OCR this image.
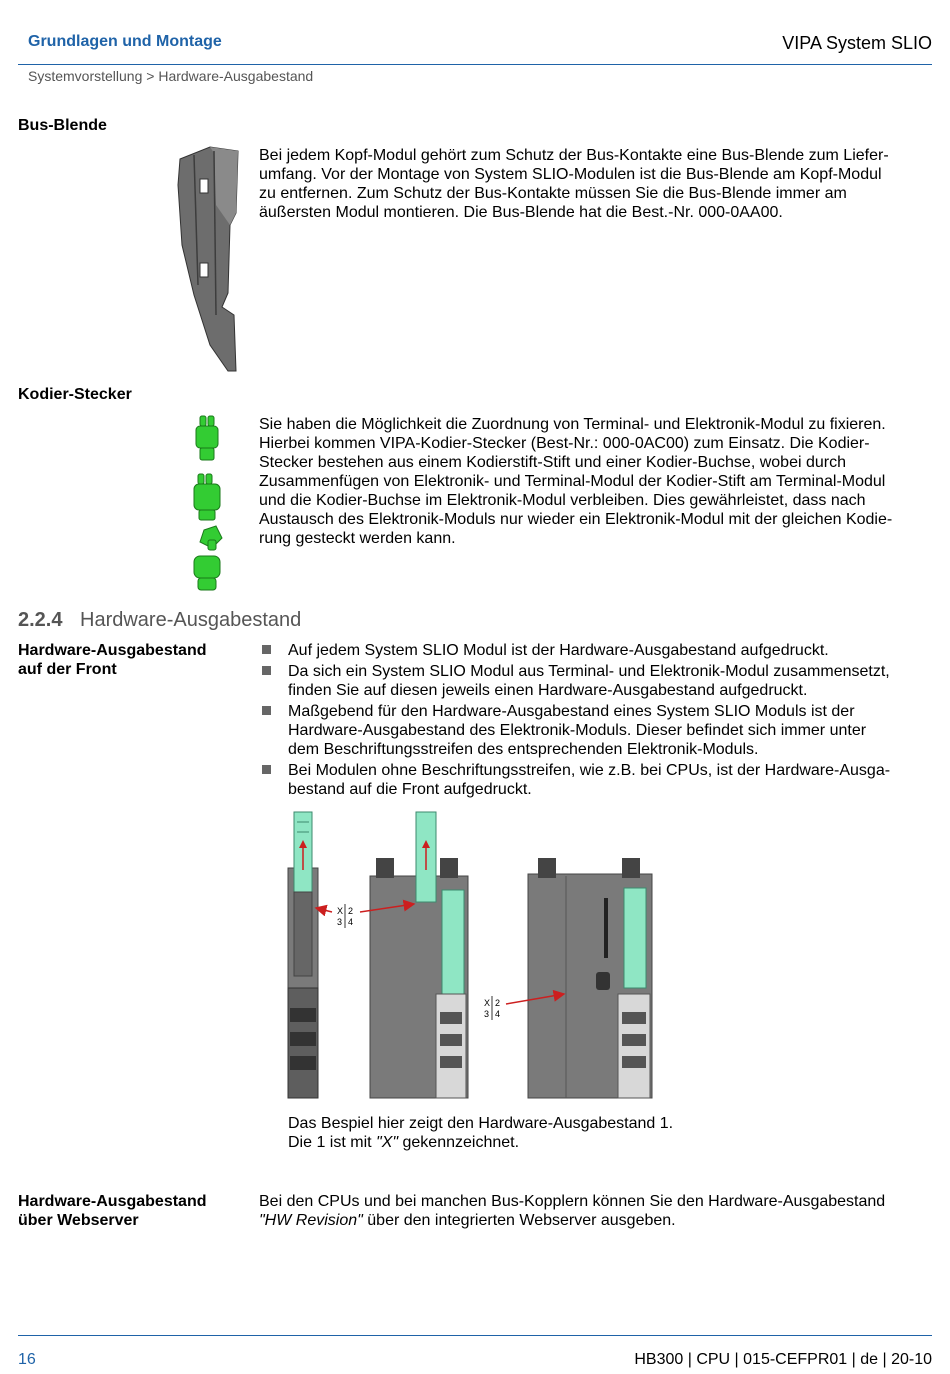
Grundlagen und Montage	VIPA System SLIO
Systemvorstellung > Hardware-Ausgabestand
Bus-Blende

Bei jedem Kopf-Modul gehört zum Schutz der Bus-Kontakte eine Bus-Blende zum Liefer-

umfang. Vor der Montage von System SLIO-Modulen ist die Bus-Blende am Kopf-Modul

zu entfernen. Zum Schutz der Bus-Kontakte müssen Sie die Bus-Blende immer am

äußersten Modul montieren. Die Bus-Blende hat die Best.-Nr. 000-0AA00.

Kodier-Stecker

Sie haben die Möglichkeit die Zuordnung von Terminal- und Elektronik-Modul zu fixieren.

Hierbei kommen VIPA-Kodier-Stecker (Best-Nr.: 000-0AC00) zum Einsatz. Die Kodier-

Stecker bestehen aus einem Kodierstift-Stift und einer Kodier-Buchse, wobei durch

Zusammenfügen von Elektronik- und Terminal-Modul der Kodier-Stift am Terminal-Modul

und die Kodier-Buchse im Elektronik-Modul verbleiben. Dies gewährleistet, dass nach

Austausch des Elektronik-Moduls nur wieder ein Elektronik-Modul mit der gleichen Kodie-

rung gesteckt werden kann.

2.2.4 Hardware-Ausgabestand
Hardware-Ausgabestand
auf der Front
Auf jedem System SLIO Modul ist der Hardware-Ausgabestand aufgedruckt.
Da sich ein System SLIO Modul aus Terminal- und Elektronik-Modul zusammensetzt,
finden Sie auf diesen jeweils einen Hardware-Ausgabestand aufgedruckt.
Maßgebend für den Hardware-Ausgabestand eines System SLIO Moduls ist der
Hardware-Ausgabestand des Elektronik-Moduls. Dieser befindet sich immer unter
dem Beschriftungsstreifen des entsprechenden Elektronik-Moduls.
Bei Modulen ohne Beschriftungsstreifen, wie z.B. bei CPUs, ist der Hardware-Ausga-
bestand auf die Front aufgedruckt.
X 2
3 4
X 2
3 4
Das Bespiel hier zeigt den Hardware-Ausgabestand 1.
Die 1 ist mit "X" gekennzeichnet.
Hardware-Ausgabestand
über Webserver

Bei den CPUs und bei manchen Bus-Kopplern können Sie den Hardware-Ausgabestand

"HW Revision" über den integrierten Webserver ausgeben.

16	HB300 | CPU | 015-CEFPR01 | de | 20-10
